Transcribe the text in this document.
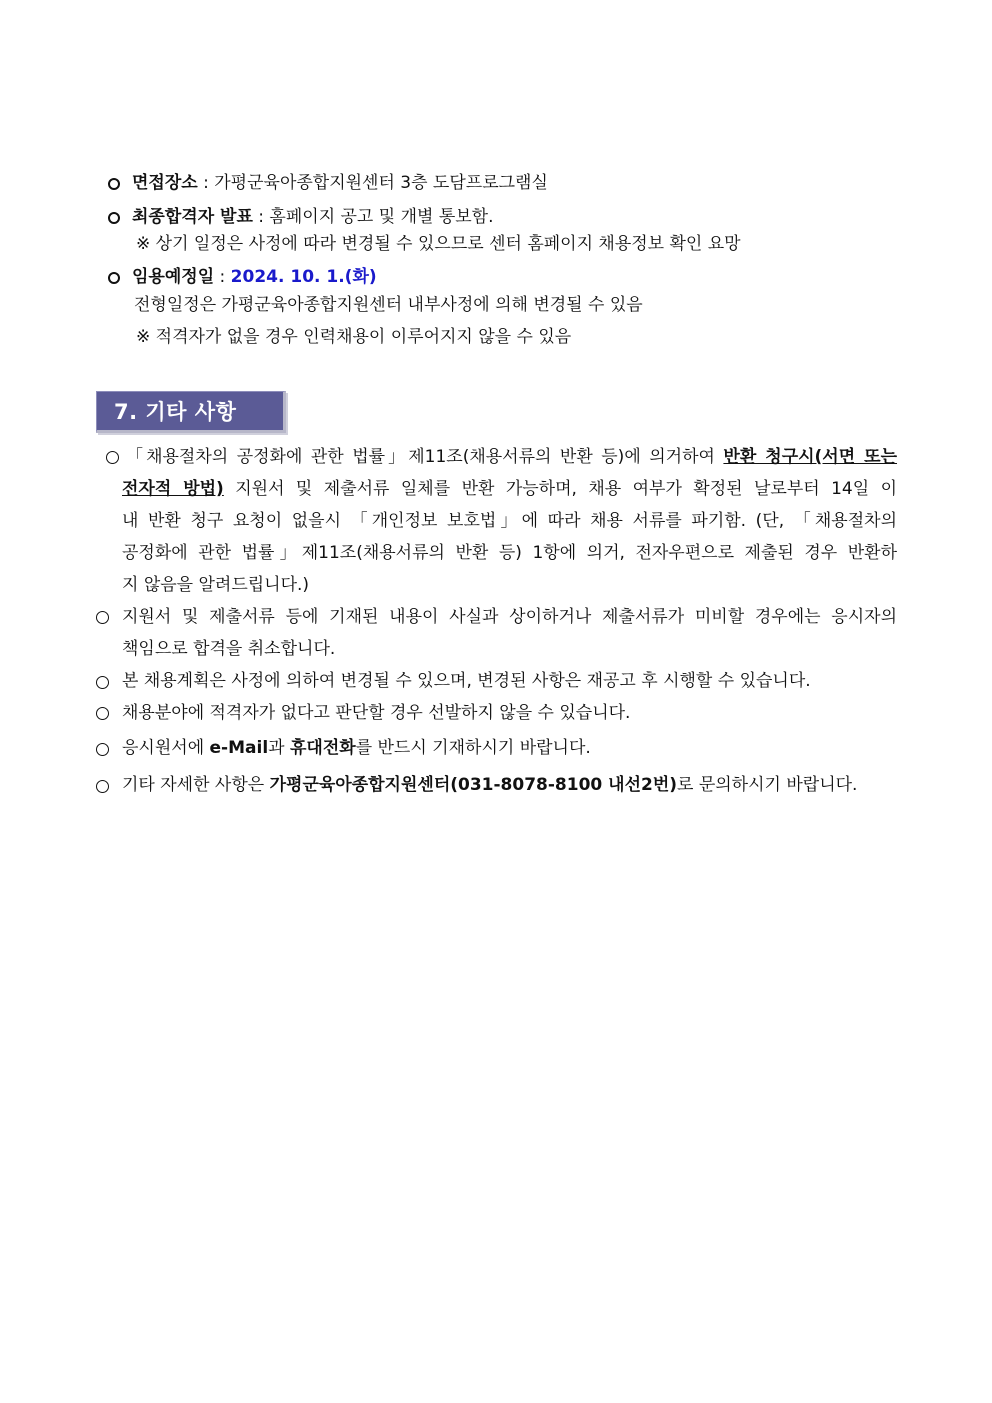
면접장소 : 가평군육아종합지원센터 3층 도담프로그램실
최종합격자 발표 : 홈페이지 공고 및 개별 통보함.
※ 상기 일정은 사정에 따라 변경될 수 있으므로 센터 홈페이지 채용정보 확인 요망
임용예정일 : 2024. 10. 1.(화)
전형일정은 가평군육아종합지원센터 내부사정에 의해 변경될 수 있음
※ 적격자가 없을 경우 인력채용이 이루어지지 않을 수 있음
7. 기타 사항
「채용절차의 공정화에 관한 법률」제11조(채용서류의 반환 등)에 의거하여 반환 청구시(서면 또는
전자적 방법) 지원서 및 제출서류 일체를 반환 가능하며, 채용 여부가 확정된 날로부터 14일 이
내 반환 청구 요청이 없을시 「개인정보 보호법」에 따라 채용 서류를 파기함. (단, 「채용절차의
공정화에 관한 법률」제11조(채용서류의 반환 등) 1항에 의거, 전자우편으로 제출된 경우 반환하
지 않음을 알려드립니다.)
지원서 및 제출서류 등에 기재된 내용이 사실과 상이하거나 제출서류가 미비할 경우에는 응시자의
책임으로 합격을 취소합니다.
본 채용계획은 사정에 의하여 변경될 수 있으며, 변경된 사항은 재공고 후 시행할 수 있습니다.
채용분야에 적격자가 없다고 판단할 경우 선발하지 않을 수 있습니다.
응시원서에 e-Mail과 휴대전화를 반드시 기재하시기 바랍니다.
기타 자세한 사항은 가평군육아종합지원센터(031-8078-8100 내선2번)로 문의하시기 바랍니다.
